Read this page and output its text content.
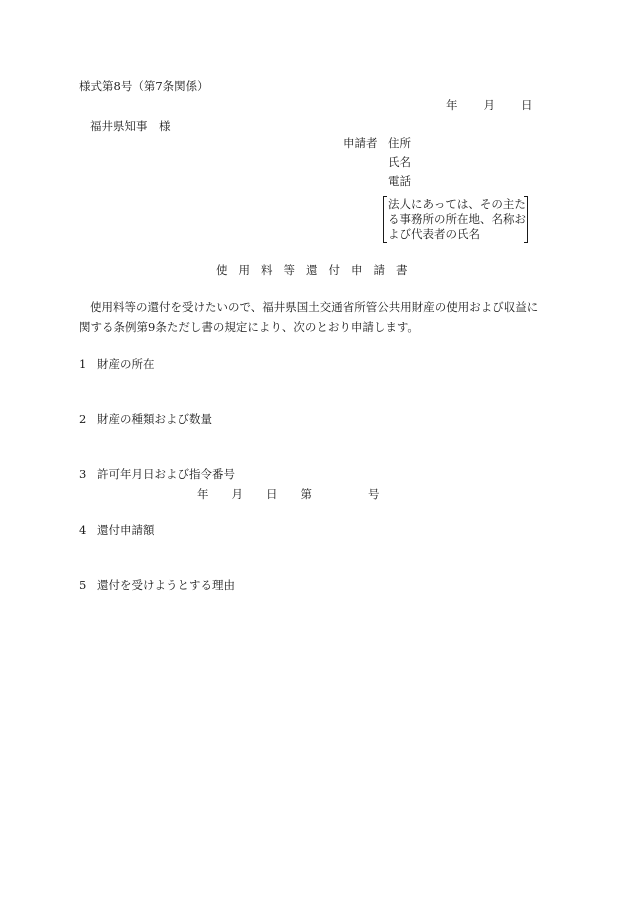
様式第8号（第7条関係）
年 月 日
福井県知事　様
申請者 住所
氏名
電話
法人にあっては、その主た
る事務所の所在地、名称お
よび代表者の氏名
使 用 料 等 還 付 申 請 書
使用料等の還付を受けたいので、福井県国土交通省所管公共用財産の使用および収益に
関する条例第9条ただし書の規定により、次のとおり申請します。
1 財産の所在
2 財産の種類および数量
3 許可年月日および指令番号
年 月 日 第	号
4 還付申請額
5 還付を受けようとする理由
